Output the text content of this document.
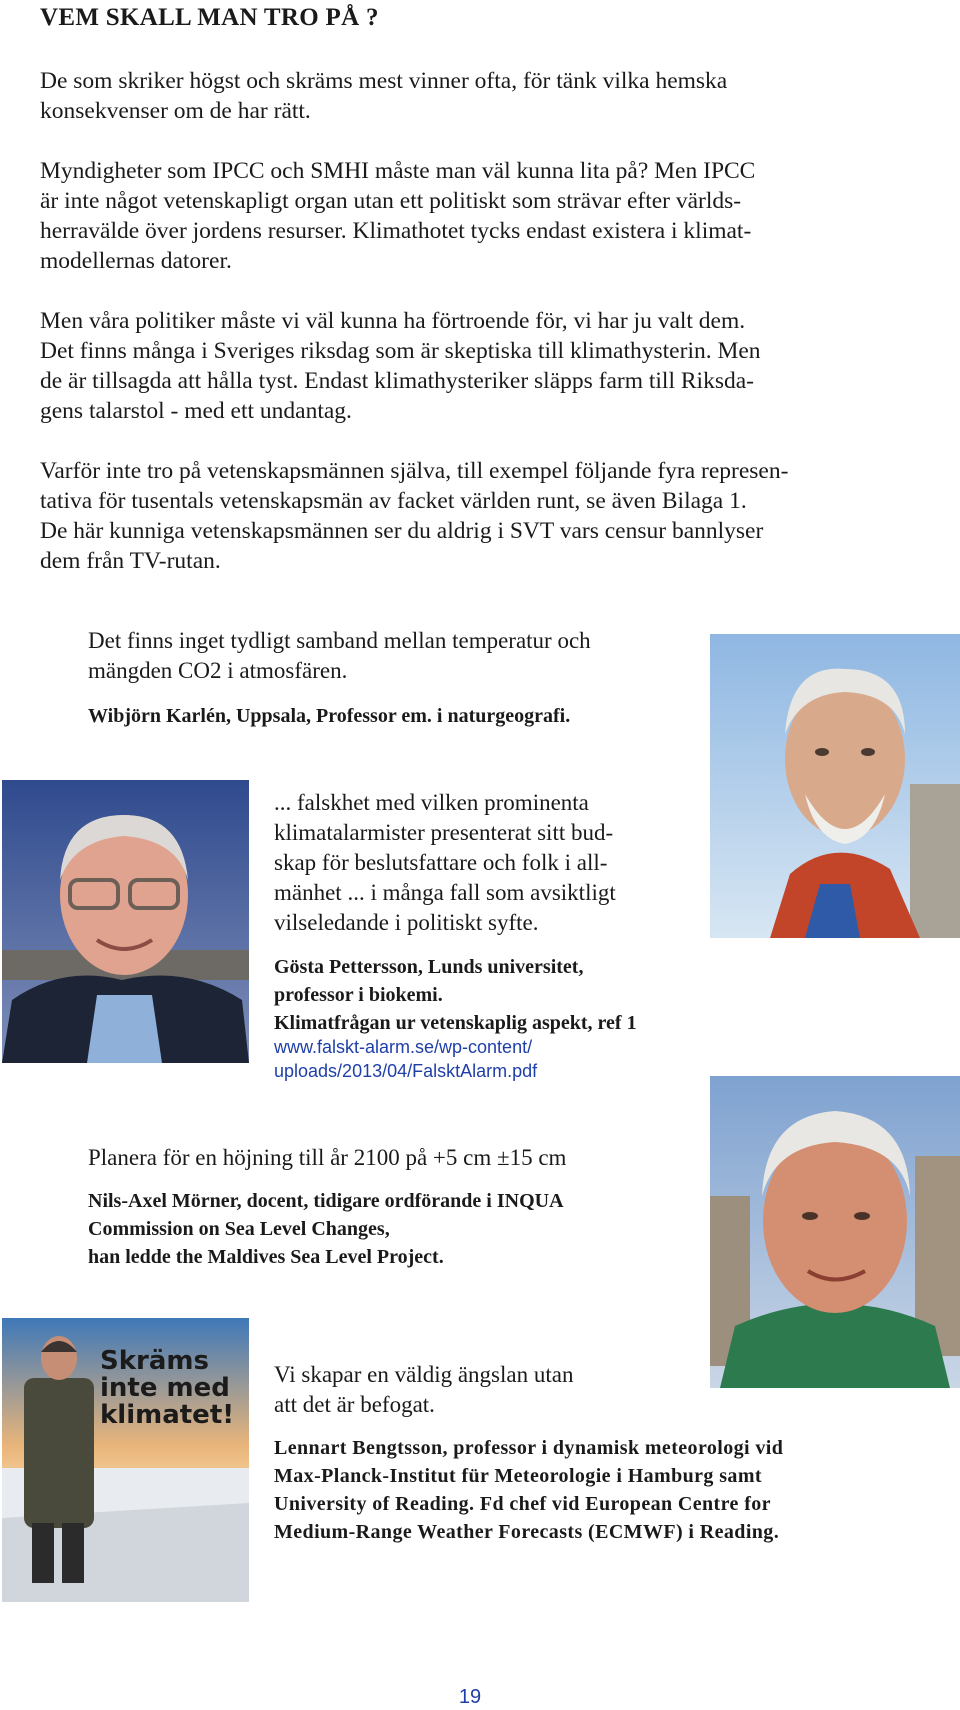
VEM SKALL MAN TRO PÅ ?
De som skriker högst och skräms mest vinner ofta, för tänk vilka hemska
konsekvenser om de har rätt.
Myndigheter som IPCC och SMHI måste man väl kunna lita på? Men IPCC
är inte något vetenskapligt organ utan ett politiskt som strävar efter världs-
herravälde över jordens resurser. Klimathotet tycks endast existera i klimat-
modellernas datorer.
Men våra politiker måste vi väl kunna ha förtroende för, vi har ju valt dem.
Det finns många i Sveriges riksdag som är skeptiska till klimathysterin. Men
de är tillsagda att hålla tyst. Endast klimathysteriker släpps farm till Riksda-
gens talarstol - med ett undantag.
Varför inte tro på vetenskapsmännen själva, till exempel följande fyra represen-
tativa för tusentals vetenskapsmän av facket världen runt, se även Bilaga 1.
De här kunniga vetenskapsmännen ser du aldrig i SVT vars censur bannlyser
dem från TV-rutan.
Det finns inget tydligt samband mellan temperatur och
mängden CO2 i atmosfären.
Wibjörn Karlén, Uppsala, Professor em. i naturgeografi.
... falskhet med vilken prominenta
klimatalarmister presenterat sitt bud-
skap för beslutsfattare och folk i all-
mänhet ... i många fall som avsiktligt
vilseledande i politiskt syfte.
Gösta Pettersson, Lunds universitet,
professor i biokemi.
Klimatfrågan ur vetenskaplig aspekt, ref 1
www.falskt-alarm.se/wp-content/
uploads/2013/04/FalsktAlarm.pdf
Planera för en höjning till år 2100 på +5 cm ±15 cm
Nils-Axel Mörner, docent, tidigare ordförande i INQUA
Commission on Sea Level Changes,
han ledde the Maldives Sea Level Project.
Skräms
inte med
klimatet!
Vi skapar en väldig ängslan utan
att det är befogat.
Lennart Bengtsson, professor i dynamisk meteorologi vid
Max-Planck-Institut für Meteorologie i Hamburg samt
University of Reading. Fd chef vid European Centre for
Medium-Range Weather Forecasts (ECMWF) i Reading.
19
